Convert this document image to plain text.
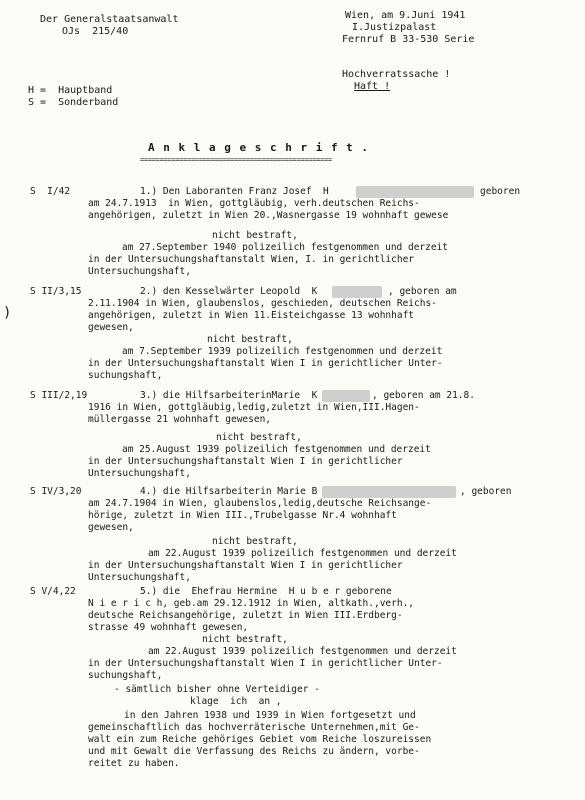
Der Generalstaatsanwalt
OJs  215/40
Wien, am 9.Juni 1941
I.Justizpalast
Fernruf B 33-530 Serie
Hochverratssache !
Haft !
H =  Hauptband
S =  Sonderband
A n k l a g e s c h r i f t .
=================================================
S  I/42	1.) Den Laboranten Franz Josef  H	geboren
am 24.7.1913  in Wien, gottgläubig, verh.deutschen Reichs-
angehörigen, zuletzt in Wien 20.,Wasnergasse 19 wohnhaft gewese
nicht bestraft,
am 27.September 1940 polizeilich festgenommen und derzeit
in der Untersuchungshaftanstalt Wien, I. in gerichtlicher
Untersuchungshaft,
S II/3,15	2.) den Kesselwärter Leopold  K	, geboren am
2.11.1904 in Wien, glaubenslos, geschieden, deutschen Reichs-
angehörigen, zuletzt in Wien 11.Eisteichgasse 13 wohnhaft
gewesen,
nicht bestraft,
am 7.September 1939 polizeilich festgenommen und derzeit
in der Untersuchungshaftanstalt Wien I in gerichtlicher Unter-
suchungshaft,
S III/2,19	3.) die HilfsarbeiterinMarie  K	, geboren am 21.8.
1916 in Wien, gottgläubig,ledig,zuletzt in Wien,III.Hagen-
müllergasse 21 wohnhaft gewesen,
nicht bestraft,
am 25.August 1939 polizeilich festgenommen und derzeit
in der Untersuchungshaftanstalt Wien I in gerichtlicher
Untersuchungshaft,
S IV/3,20	4.) die Hilfsarbeiterin Marie B	, geboren
am 24.7.1904 in Wien, glaubenslos,ledig,deutsche Reichsange-
hörige, zuletzt in Wien III.,Trubelgasse Nr.4 wohnhaft
gewesen,
nicht bestraft,
am 22.August 1939 polizeilich festgenommen und derzeit
in der Untersuchungshaftanstalt Wien I in gerichtlicher
Untersuchungshaft,
S V/4,22	5.) die  Ehefrau Hermine  H u b e r geborene
N i e r i c h, geb.am 29.12.1912 in Wien, altkath.,verh.,
deutsche Reichsangehörige, zuletzt in Wien III.Erdberg-
strasse 49 wohnhaft gewesen,
nicht bestraft,
am 22.August 1939 polizeilich festgenommen und derzeit
in der Untersuchungshaftanstalt Wien I in gerichtlicher Unter-
suchungshaft,
- sämtlich bisher ohne Verteidiger -
klage  ich  an ,
in den Jahren 1938 und 1939 in Wien fortgesetzt und
gemeinschaftlich das hochverräterische Unternehmen,mit Ge-
walt ein zum Reiche gehöriges Gebiet vom Reiche loszureissen
und mit Gewalt die Verfassung des Reichs zu ändern, vorbe-
reitet zu haben.
)
